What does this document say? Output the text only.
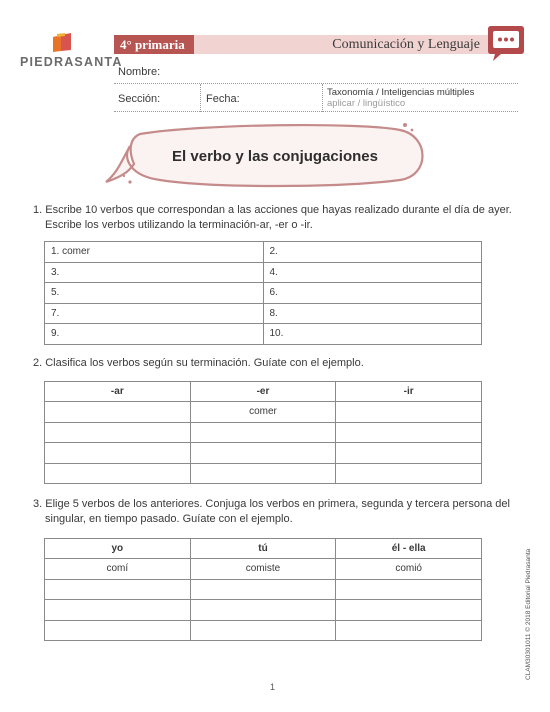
PIEDRASANTA
4° primaria	Comunicación y Lenguaje
Nombre:
Sección:	Fecha:
Taxonomía / Inteligencias múltiples
aplicar / lingüístico
El verbo y las conjugaciones
1. Escribe 10 verbos que correspondan a las acciones que hayas realizado durante el día de ayer.
Escribe los verbos utilizando la terminación-ar, -er o -ir.
1. comer	2.
3.	4.
5.	6.
7.	8.
9.	10.
2. Clasifica los verbos según su terminación. Guíate con el ejemplo.
-ar	-er	-ir
	comer	

3. Elige 5 verbos de los anteriores. Conjuga los verbos en primera, segunda y tercera persona del
singular, en tiempo pasado. Guíate con el ejemplo.
yo	tú	él - ella
comí	comiste	comió

1
CLAM30301011 © 2018 Editorial Piedrasanta
